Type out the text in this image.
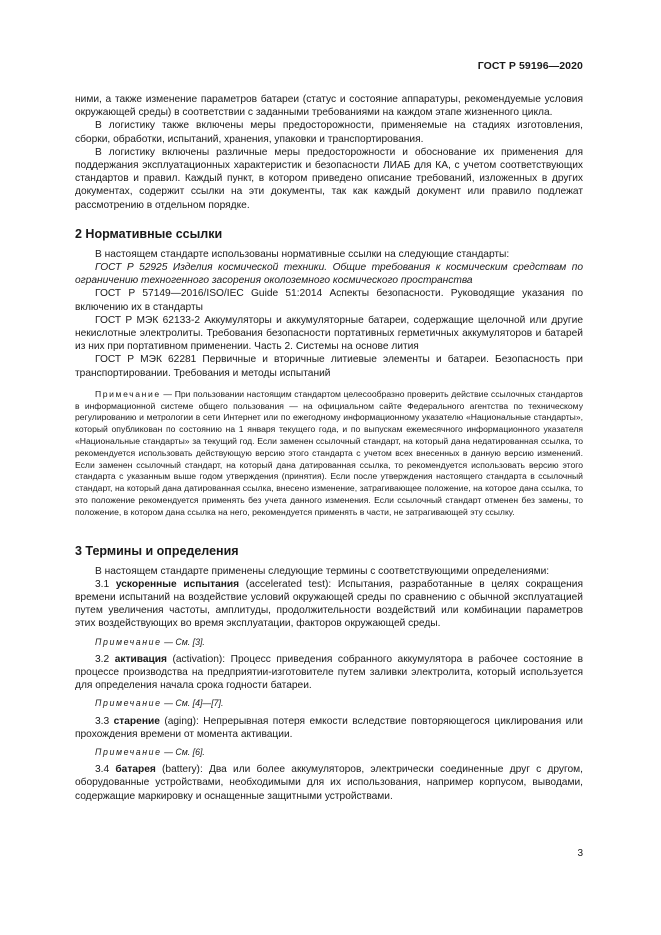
ГОСТ Р 59196—2020

ними, а также изменение параметров батареи (статус и состояние аппаратуры, рекомендуемые условия окружающей среды) в соответствии с заданными требованиями на каждом этапе жизненного цикла.

В логистику также включены меры предосторожности, применяемые на стадиях изготовления, сборки, обработки, испытаний, хранения, упаковки и транспортирования.

В логистику включены различные меры предосторожности и обоснование их применения для поддержания эксплуатационных характеристик и безопасности ЛИАБ для КА, с учетом соответствующих стандартов и правил. Каждый пункт, в котором приведено описание требований, изложенных в других документах, содержит ссылки на эти документы, так как каждый документ или правило подлежат рассмотрению в отдельном порядке.

2 Нормативные ссылки

В настоящем стандарте использованы нормативные ссылки на следующие стандарты:

ГОСТ Р 52925 Изделия космической техники. Общие требования к космическим средствам по ограничению техногенного засорения околоземного космического пространства

ГОСТ Р 57149—2016/ISO/IEC Guide 51:2014 Аспекты безопасности. Руководящие указания по включению их в стандарты

ГОСТ Р МЭК 62133-2 Аккумуляторы и аккумуляторные батареи, содержащие щелочной или другие некислотные электролиты. Требования безопасности портативных герметичных аккумуляторов и батарей из них при портативном применении. Часть 2. Системы на основе лития

ГОСТ Р МЭК 62281 Первичные и вторичные литиевые элементы и батареи. Безопасность при транспортировании. Требования и методы испытаний

Примечание — При пользовании настоящим стандартом целесообразно проверить действие ссылочных стандартов в информационной системе общего пользования — на официальном сайте Федерального агентства по техническому регулированию и метрологии в сети Интернет или по ежегодному информационному указателю «Национальные стандарты», который опубликован по состоянию на 1 января текущего года, и по выпускам ежемесячного информационного указателя «Национальные стандарты» за текущий год. Если заменен ссылочный стандарт, на который дана недатированная ссылка, то рекомендуется использовать действующую версию этого стандарта с учетом всех внесенных в данную версию изменений. Если заменен ссылочный стандарт, на который дана датированная ссылка, то рекомендуется использовать версию этого стандарта с указанным выше годом утверждения (принятия). Если после утверждения настоящего стандарта в ссылочный стандарт, на который дана датированная ссылка, внесено изменение, затрагивающее положение, на которое дана ссылка, то это положение рекомендуется применять без учета данного изменения. Если ссылочный стандарт отменен без замены, то положение, в котором дана ссылка на него, рекомендуется применять в части, не затрагивающей эту ссылку.

3 Термины и определения

В настоящем стандарте применены следующие термины с соответствующими определениями:

3.1 ускоренные испытания (accelerated test): Испытания, разработанные в целях сокращения времени испытаний на воздействие условий окружающей среды по сравнению с обычной эксплуатацией путем увеличения частоты, амплитуды, продолжительности воздействий или комбинации параметров этих воздействующих во время эксплуатации, факторов окружающей среды.

Примечание — См. [3].

3.2 активация (activation): Процесс приведения собранного аккумулятора в рабочее состояние в процессе производства на предприятии-изготовителе путем заливки электролита, который используется для определения начала срока годности батареи.

Примечание — См. [4]—[7].

3.3 старение (aging): Непрерывная потеря емкости вследствие повторяющегося циклирования или прохождения времени от момента активации.

Примечание — См. [6].

3.4 батарея (battery): Два или более аккумуляторов, электрически соединенные друг с другом, оборудованные устройствами, необходимыми для их использования, например корпусом, выводами, содержащие маркировку и оснащенные защитными устройствами.

3
